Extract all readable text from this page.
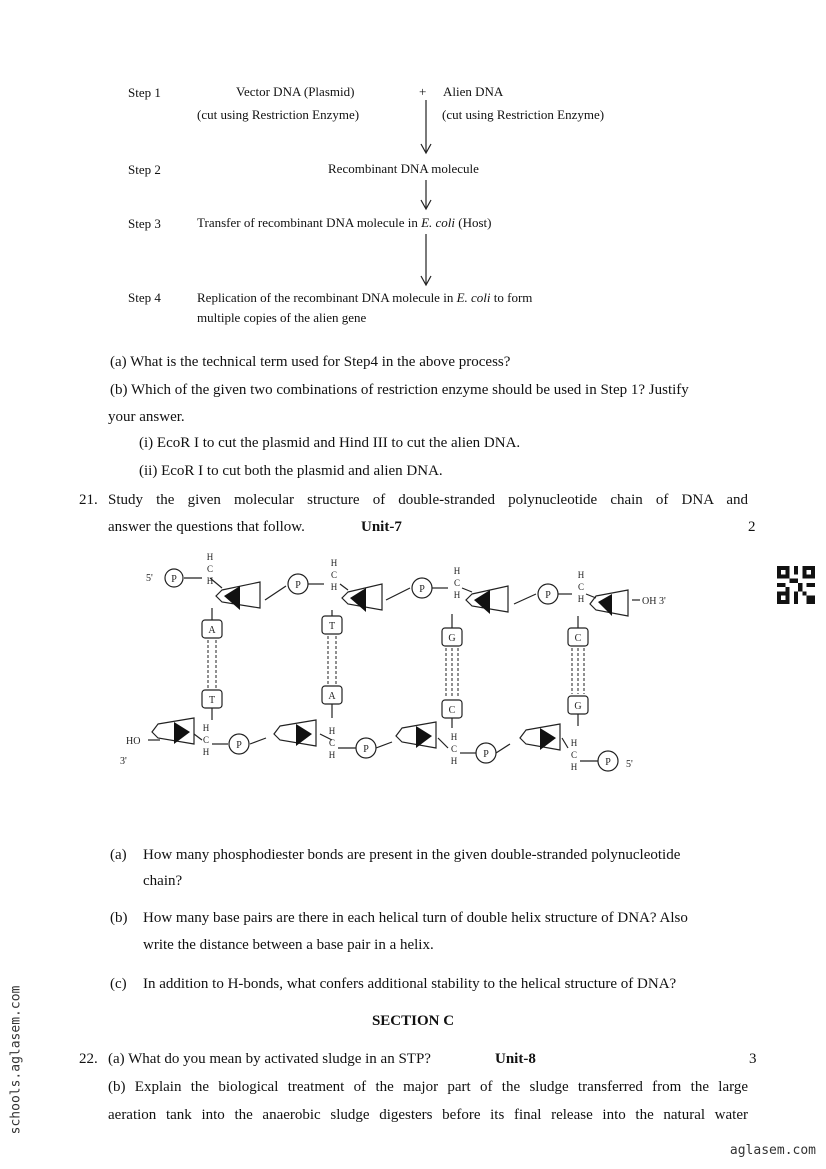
Step 1	Vector DNA (Plasmid)	+ Alien DNA
(cut using Restriction Enzyme)	(cut using Restriction Enzyme)
Step 2	Recombinant DNA molecule
Step 3	Transfer of recombinant DNA molecule in E. coli (Host)
Step 4	Replication of the recombinant DNA molecule in E. coli to form
multiple copies of the alien gene
(a) What is the technical term used for Step4 in the above process?
(b) Which of the given two combinations of restriction enzyme should be used in Step 1? Justify
your answer.
(i) EcoR I to cut the plasmid and Hind III to cut the alien DNA.
(ii) EcoR I to cut both the plasmid and alien DNA.
21. Study the given molecular structure of double-stranded polynucleotide chain of DNA and
answer the questions that follow.	Unit-7	2
5'
OH 3'
HO
3'	5'
P
P	P
P
P	P	P
P
H
C
H
H
C
H
H
C
H
H
C
H
H
C
H
H
C
H
H
C
H
H
C
H
A	T
G	C
T	A
C	G
(a) How many phosphodiester bonds are present in the given double-stranded polynucleotide
chain?
(b) How many base pairs are there in each helical turn of double helix structure of DNA? Also
write the distance between a base pair in a helix.
(c) In addition to H-bonds, what confers additional stability to the helical structure of DNA?
SECTION C
22. (a) What do you mean by activated sludge in an STP?	Unit-8	3
(b) Explain the biological treatment of the major part of the sludge transferred from the large
aeration tank into the anaerobic sludge digesters before its final release into the natural water
schools.aglasem.com
aglasem.com
